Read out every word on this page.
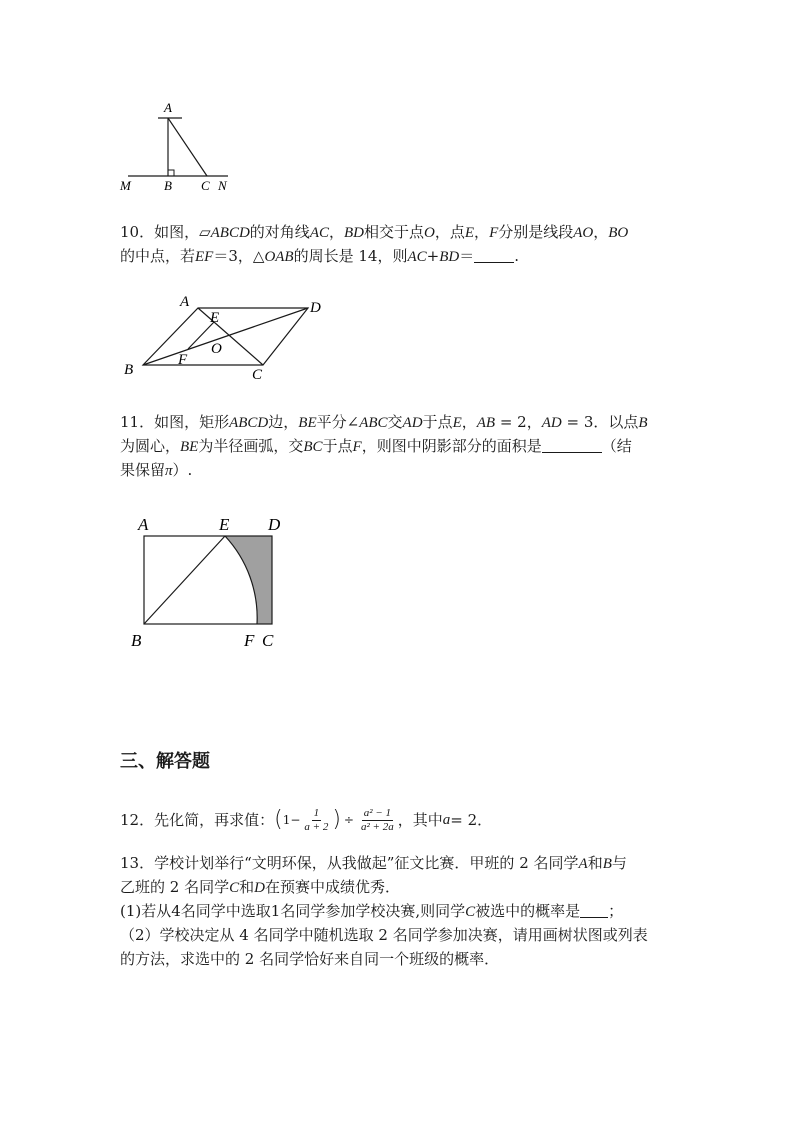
A
M	B C N
10．如图，▱ABCD的对角线AC，BD相交于点O，点E，F分别是线段AO，BO
的中点，若EF＝3，△OAB的周长是 14，则AC+BD＝	.
A	D
E
O
F
B	C
11．如图，矩形ABCD边，BE平分∠ABC交AD于点E，AB = 2，AD = 3．以点B
为圆心，BE为半径画弧，交BC于点F，则图中阴影部分的面积是	（结
果保留π）.
A	E D
B	F C
三、解答题
12．先化简，再求值： ( $1 - \frac{1}{a + 2}$ ) ÷ $\frac{\text{a² − 1}}{\text{a² + 2a}}$ ，其中 a = 2．
13．学校计划举行“文明环保，从我做起”征文比赛．甲班的 2 名同学A和B与
乙班的 2 名同学C和D在预赛中成绩优秀．
(1)若从4名同学中选取1名同学参加学校决赛,则同学C被选中的概率是 ；
（2）学校决定从 4 名同学中随机选取 2 名同学参加决赛，请用画树状图或列表
的方法，求选中的 2 名同学恰好来自同一个班级的概率．
